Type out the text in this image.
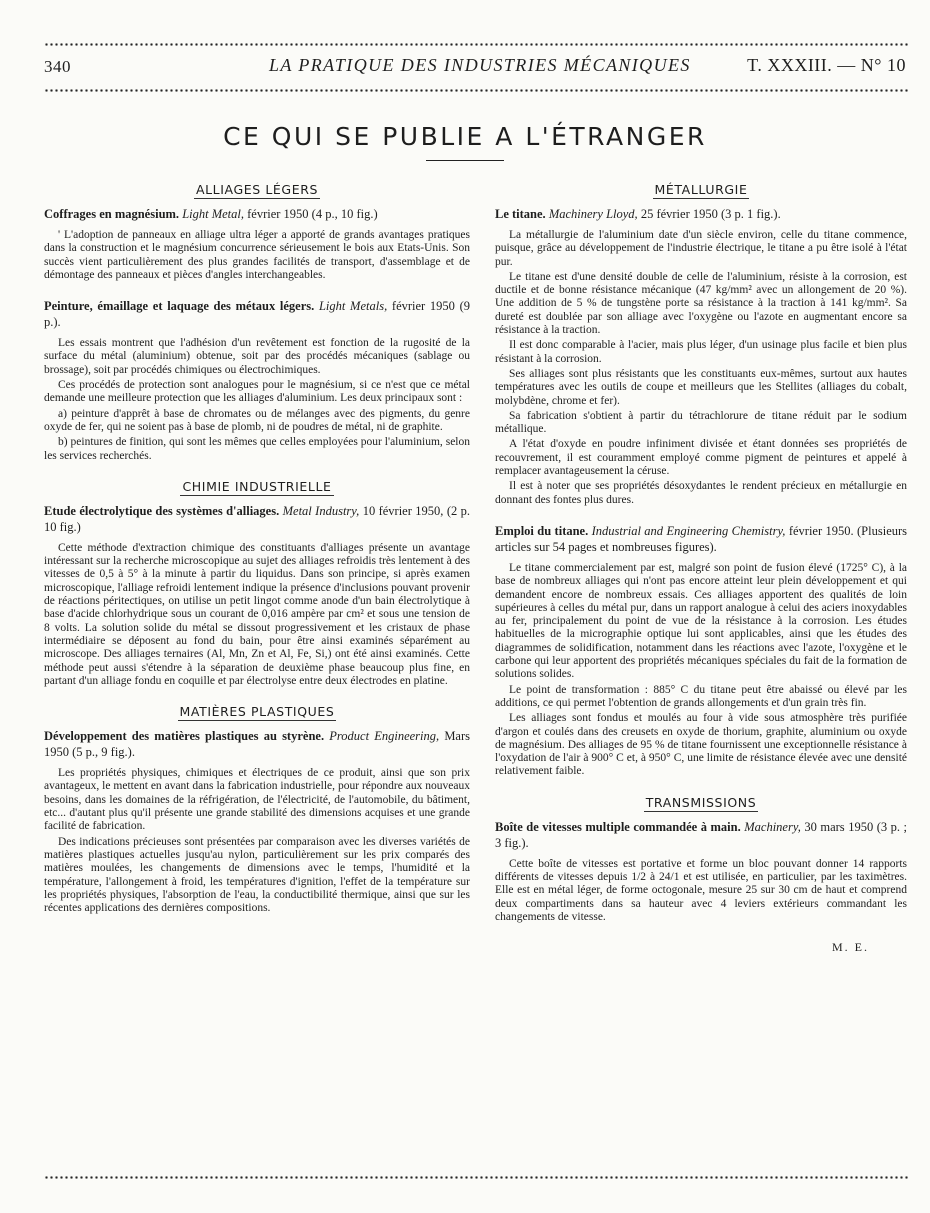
340	LA PRATIQUE DES INDUSTRIES MÉCANIQUES	T. XXXIII. — N° 10
CE QUI SE PUBLIE A L'ÉTRANGER
ALLIAGES LÉGERS
Coffrages en magnésium. Light Metal, février 1950 (4 p., 10 fig.)

' L'adoption de panneaux en alliage ultra léger a apporté de grands avantages pratiques dans la construction et le magnésium concurrence sérieusement le bois aux Etats-Unis. Son succès vient particulièrement des plus grandes facilités de transport, d'assemblage et de démontage des panneaux et pièces d'angles interchangeables.

Peinture, émaillage et laquage des métaux légers. Light Metals, février 1950 (9 p.).

Les essais montrent que l'adhésion d'un revêtement est fonction de la rugosité de la surface du métal (aluminium) obtenue, soit par des procédés mécaniques (sablage ou brossage), soit par procédés chimiques ou électrochimiques.

Ces procédés de protection sont analogues pour le magnésium, si ce n'est que ce métal demande une meilleure protection que les alliages d'aluminium. Les deux principaux sont :

a) peinture d'apprêt à base de chromates ou de mélanges avec des pigments, du genre oxyde de fer, qui ne soient pas à base de plomb, ni de poudres de métal, ni de graphite.

b) peintures de finition, qui sont les mêmes que celles employées pour l'aluminium, selon les services recherchés.

CHIMIE INDUSTRIELLE
Etude électrolytique des systèmes d'alliages. Metal Industry, 10 février 1950, (2 p. 10 fig.)

Cette méthode d'extraction chimique des constituants d'alliages présente un avantage intéressant sur la recherche microscopique au sujet des alliages refroidis très lentement à des vitesses de 0,5 à 5° à la minute à partir du liquidus. Dans son principe, si après examen microscopique, l'alliage refroidi lentement indique la présence d'inclusions pouvant provenir de réactions péritectiques, on utilise un petit lingot comme anode d'un bain électrolytique à base d'acide chlorhydrique sous un courant de 0,016 ampère par cm² et sous une tension de 8 volts. La solution solide du métal se dissout progressivement et les cristaux de phase intermédiaire se déposent au fond du bain, pour être ainsi examinés séparément au microscope. Des alliages ternaires (Al, Mn, Zn et Al, Fe, Si,) ont été ainsi examinés. Cette méthode peut aussi s'étendre à la séparation de deuxième phase beaucoup plus fine, en partant d'un alliage fondu en coquille et par électrolyse entre deux électrodes en platine.

MATIÈRES PLASTIQUES
Développement des matières plastiques au styrène. Product Engineering, Mars 1950 (5 p., 9 fig.).

Les propriétés physiques, chimiques et électriques de ce produit, ainsi que son prix avantageux, le mettent en avant dans la fabrication industrielle, pour répondre aux nouveaux besoins, dans les domaines de la réfrigération, de l'électricité, de l'automobile, du bâtiment, etc... d'autant plus qu'il présente une grande stabilité des dimensions acquises et une grande facilité de fabrication.

Des indications précieuses sont présentées par comparaison avec les diverses variétés de matières plastiques actuelles jusqu'au nylon, particulièrement sur les prix comparés des matières moulées, les changements de dimensions avec le temps, l'humidité et la température, l'allongement à froid, les températures d'ignition, l'effet de la température sur les propriétés physiques, l'absorption de l'eau, la conductibilité thermique, ainsi que sur les récentes applications des dernières compositions.

MÉTALLURGIE
Le titane. Machinery Lloyd, 25 février 1950 (3 p. 1 fig.).

La métallurgie de l'aluminium date d'un siècle environ, celle du titane commence, puisque, grâce au développement de l'industrie électrique, le titane a pu être isolé à l'état pur.

Le titane est d'une densité double de celle de l'aluminium, résiste à la corrosion, est ductile et de bonne résistance mécanique (47 kg/mm² avec un allongement de 20 %). Une addition de 5 % de tungstène porte sa résistance à la traction à 141 kg/mm². Sa dureté est doublée par son alliage avec l'oxygène ou l'azote en augmentant encore sa résistance à la traction.

Il est donc comparable à l'acier, mais plus léger, d'un usinage plus facile et bien plus résistant à la corrosion.

Ses alliages sont plus résistants que les constituants eux-mêmes, surtout aux hautes températures avec les outils de coupe et meilleurs que les Stellites (alliages du cobalt, molybdène, chrome et fer).

Sa fabrication s'obtient à partir du tétrachlorure de titane réduit par le sodium métallique.

A l'état d'oxyde en poudre infiniment divisée et étant données ses propriétés de recouvrement, il est couramment employé comme pigment de peintures et appelé à remplacer avantageusement la céruse.

Il est à noter que ses propriétés désoxydantes le rendent précieux en métallurgie en donnant des fontes plus dures.

Emploi du titane. Industrial and Engineering Chemistry, février 1950. (Plusieurs articles sur 54 pages et nombreuses figures).

Le titane commercialement par est, malgré son point de fusion élevé (1725° C), à la base de nombreux alliages qui n'ont pas encore atteint leur plein développement et qui demandent encore de nombreux essais. Ces alliages apportent des qualités de loin supérieures à celles du métal pur, dans un rapport analogue à celui des aciers inoxydables au fer, principalement du point de vue de la résistance à la corrosion. Les études habituelles de la micrographie optique lui sont applicables, ainsi que les études des diagrammes de solidification, notamment dans les réactions avec l'azote, l'oxygène et le carbone qui leur apportent des propriétés mécaniques spéciales du fait de la formation de solutions solides.

Le point de transformation : 885° C du titane peut être abaissé ou élevé par les additions, ce qui permet l'obtention de grands allongements et d'un grain très fin.

Les alliages sont fondus et moulés au four à vide sous atmosphère très purifiée d'argon et coulés dans des creusets en oxyde de thorium, graphite, aluminium ou oxyde de magnésium. Des alliages de 95 % de titane fournissent une exceptionnelle résistance à l'oxydation de l'air à 900° C et, à 950° C, une limite de résistance élevée avec une densité relativement faible.

TRANSMISSIONS
Boîte de vitesses multiple commandée à main. Machinery, 30 mars 1950 (3 p. ; 3 fig.).

Cette boîte de vitesses est portative et forme un bloc pouvant donner 14 rapports différents de vitesses depuis 1/2 à 24/1 et est utilisée, en particulier, par les taximètres. Elle est en métal léger, de forme octogonale, mesure 25 sur 30 cm de haut et comprend deux compartiments dans sa hauteur avec 4 leviers extérieurs commandant les changements de vitesse.

M. E.
